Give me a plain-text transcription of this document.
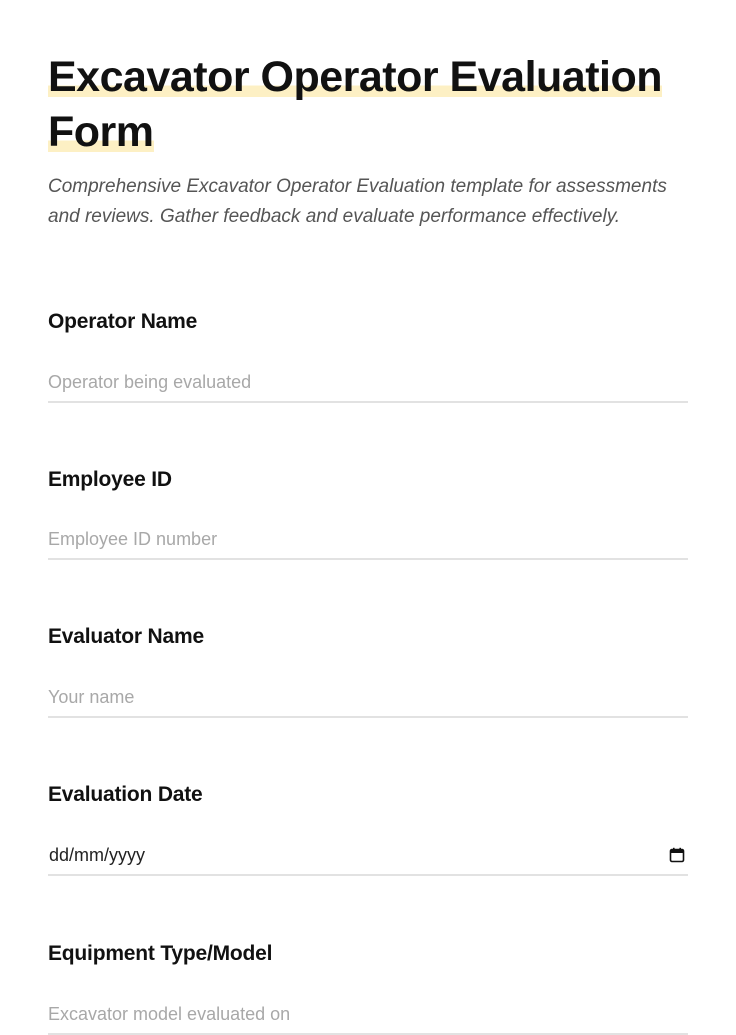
Excavator Operator Evaluation
Form

Comprehensive Excavator Operator Evaluation template for assessments and reviews. Gather feedback and evaluate performance effectively.

Operator Name
Operator being evaluated
Employee ID
Employee ID number
Evaluator Name
Your name
Evaluation Date
dd/mm/yyyy
Equipment Type/Model
Excavator model evaluated on
